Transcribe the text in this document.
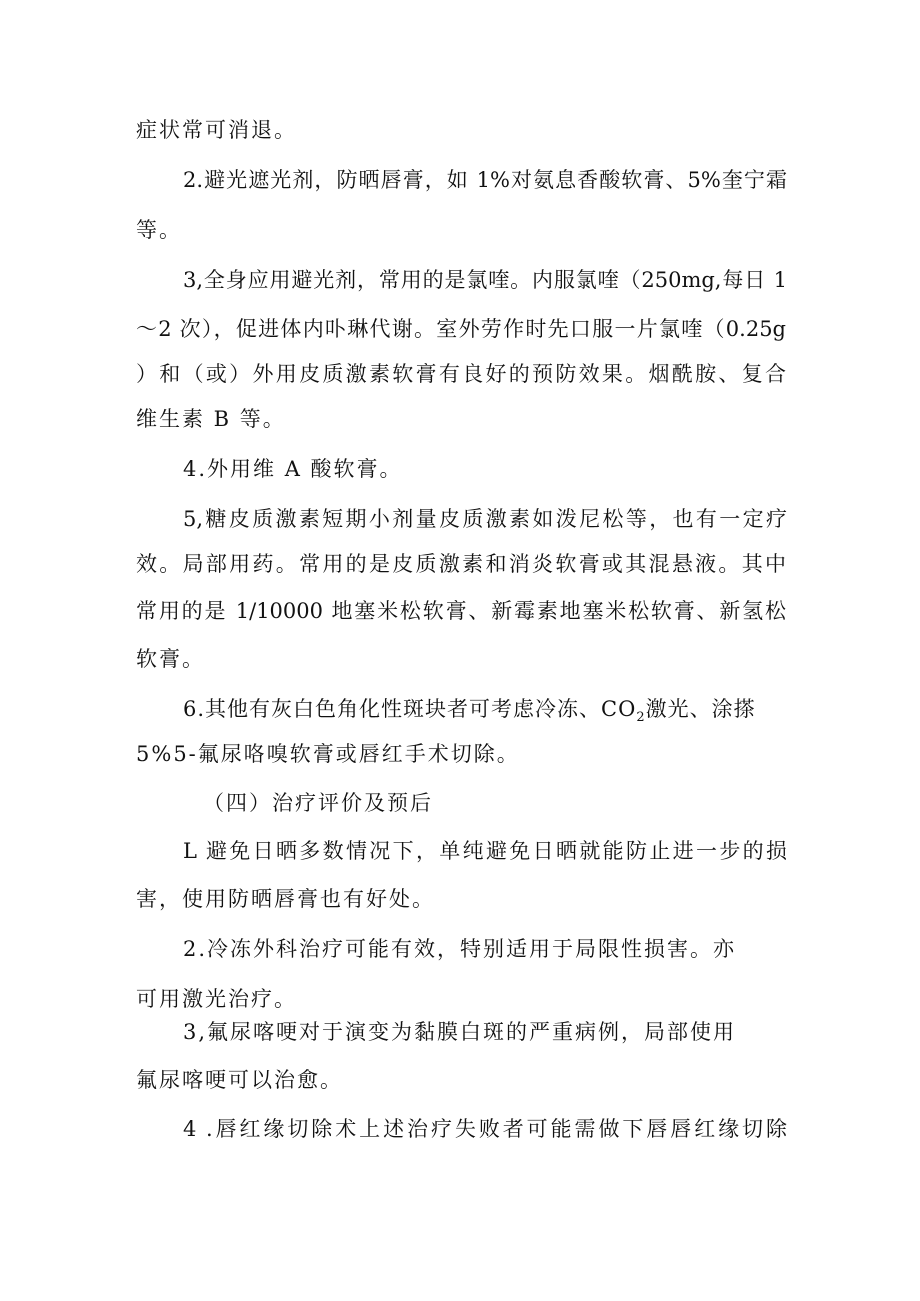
症状常可消退。
2.避光遮光剂，防晒唇膏，如 1%对氨息香酸软膏、5%奎宁霜
等。
3,全身应用避光剂，常用的是氯喹。内服氯喹（250mg,每日 1
～2 次），促进体内卟琳代谢。室外劳作时先口服一片氯喹（0.25g
）和（或）外用皮质激素软膏有良好的预防效果。烟酰胺、复合
维生素 B 等。
4.外用维 A 酸软膏。
5,糖皮质激素短期小剂量皮质激素如泼尼松等，也有一定疗
效。局部用药。常用的是皮质激素和消炎软膏或其混悬液。其中
常用的是 1/10000 地塞米松软膏、新霉素地塞米松软膏、新氢松
软膏。
6.其他有灰白色角化性斑块者可考虑冷冻、$CO_2$激光、涂搽
5%5-氟尿咯嗅软膏或唇红手术切除。
（四）治疗评价及预后
L 避免日晒多数情况下，单纯避免日晒就能防止进一步的损
害，使用防晒唇膏也有好处。
2.冷冻外科治疗可能有效，特别适用于局限性损害。亦
可用激光治疗。
3,氟尿喀哽对于演变为黏膜白斑的严重病例，局部使用
氟尿喀哽可以治愈。
4 .唇红缘切除术上述治疗失败者可能需做下唇唇红缘切除
